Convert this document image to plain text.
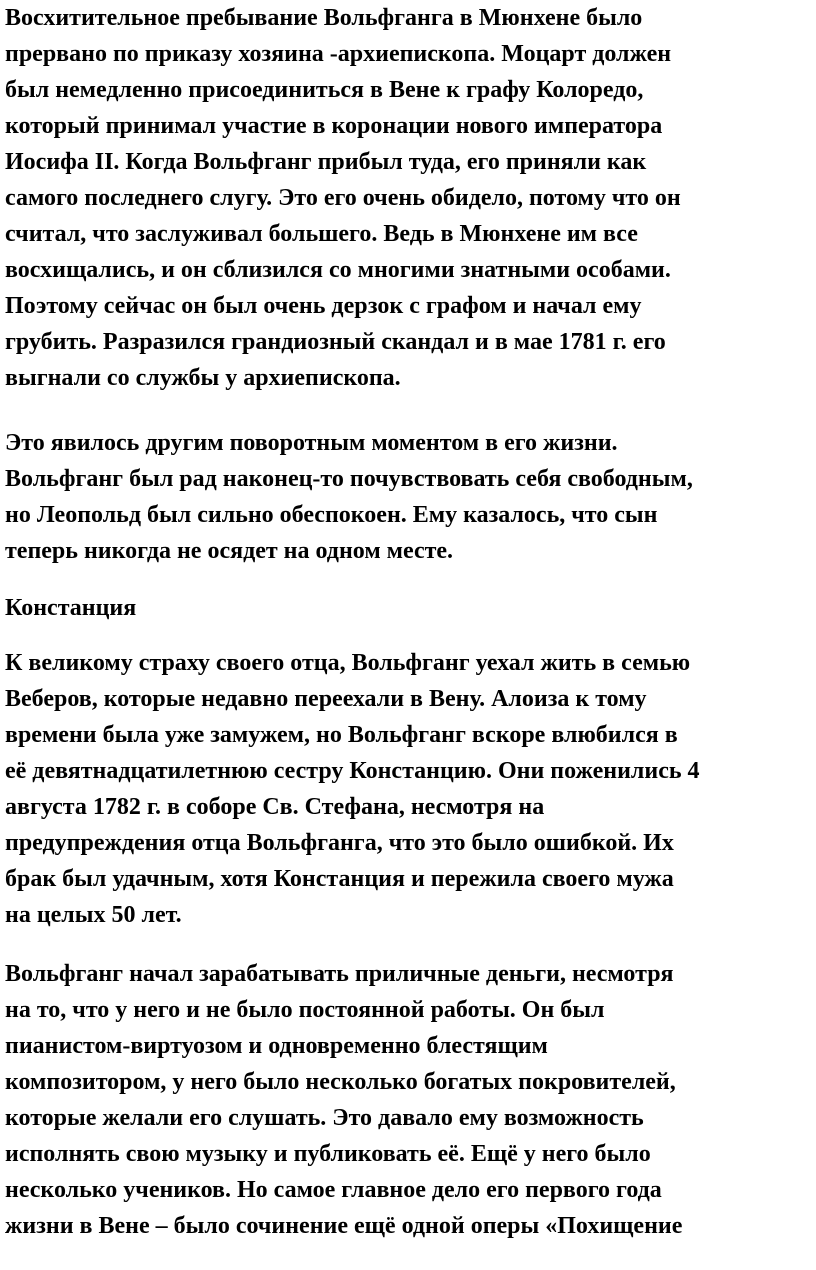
Восхитительное пребывание Вольфганга в Мюнхене было
прервано по приказу хозяина -архиепископа. Моцарт должен
был немедленно присоединиться в Вене к графу Колоредо,
который принимал участие в коронации нового императора
Иосифа II. Когда Вольфганг прибыл туда, его приняли как
самого последнего слугу. Это его очень обидело, потому что он
считал, что заслуживал большего. Ведь в Мюнхене им все
восхищались, и он сблизился со многими знатными особами.
Поэтому сейчас он был очень дерзок с графом и начал ему
грубить. Разразился грандиозный скандал и в мае 1781 г. его
выгнали со службы у архиепископа.
Это явилось другим поворотным моментом в его жизни.
Вольфганг был рад наконец-то почувствовать себя свободным,
но Леопольд был сильно обеспокоен. Ему казалось, что сын
теперь никогда не осядет на одном месте.
Констанция
К великому страху своего отца, Вольфганг уехал жить в семью
Веберов, которые недавно переехали в Вену. Алоиза к тому
времени была уже замужем, но Вольфганг вскоре влюбился в
её девятнадцатилетнюю сестру Констанцию. Они поженились 4
августа 1782 г. в соборе Св. Стефана, несмотря на
предупреждения отца Вольфганга, что это было ошибкой. Их
брак был удачным, хотя Констанция и пережила своего мужа
на целых 50 лет.
Вольфганг начал зарабатывать приличные деньги, несмотря
на то, что у него и не было постоянной работы. Он был
пианистом-виртуозом и одновременно блестящим
композитором, у него было несколько богатых покровителей,
которые желали его слушать. Это давало ему возможность
исполнять свою музыку и публиковать её. Ещё у него было
несколько учеников. Но самое главное дело его первого года
жизни в Вене – было сочинение ещё одной оперы «Похищение
